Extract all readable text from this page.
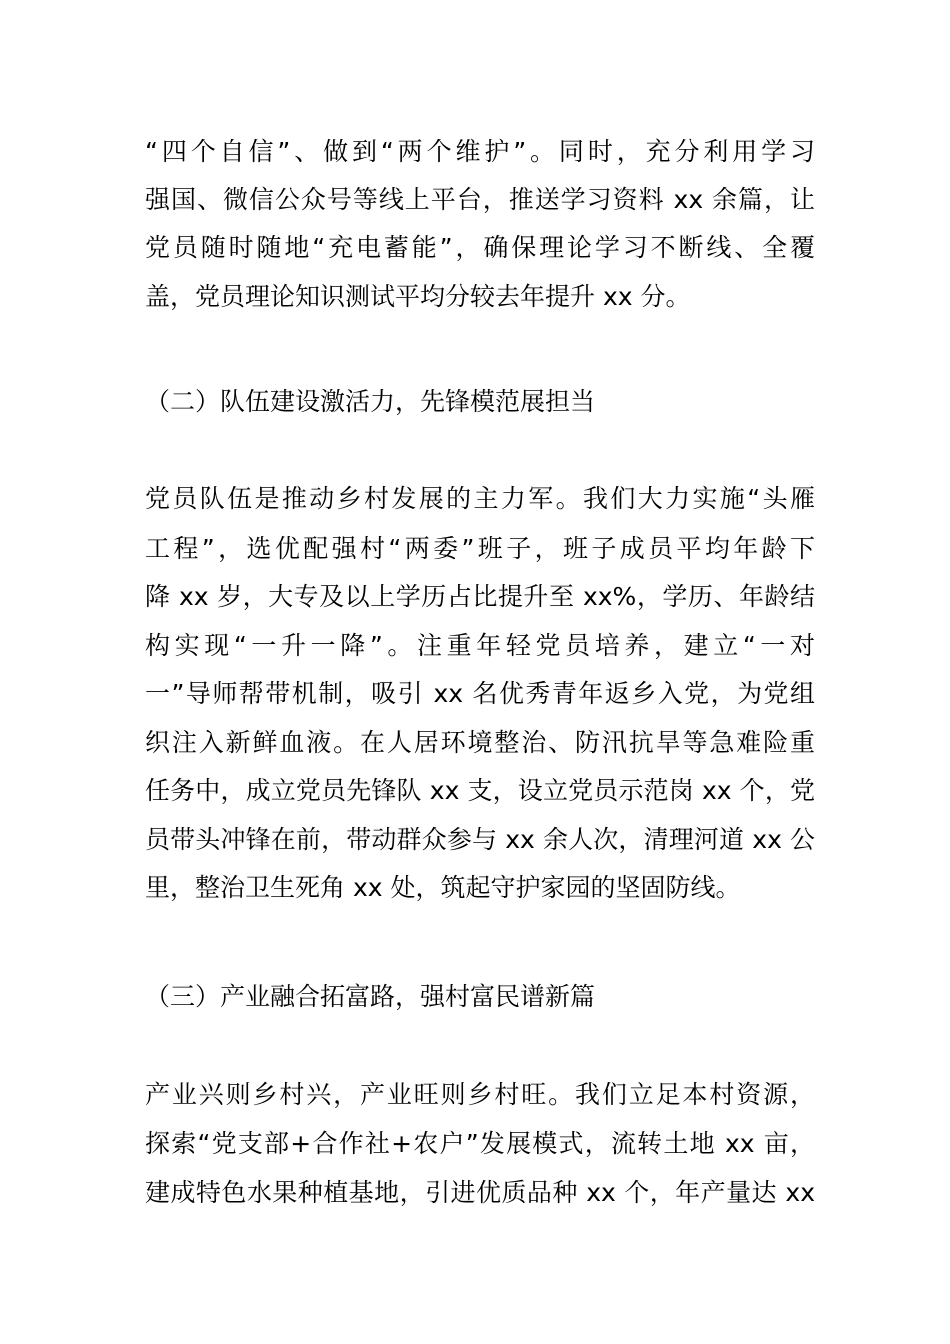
“四个自信”、做到“两个维护”。同时，充分利用学习
强国、微信公众号等线上平台，推送学习资料 xx 余篇，让
党员随时随地“充电蓄能”，确保理论学习不断线、全覆
盖，党员理论知识测试平均分较去年提升 xx 分。
（二）队伍建设激活力，先锋模范展担当
党员队伍是推动乡村发展的主力军。我们大力实施“头雁
工程”，选优配强村“两委”班子，班子成员平均年龄下
降 xx 岁，大专及以上学历占比提升至 xx%，学历、年龄结
构实现“一升一降”。注重年轻党员培养，建立“一对
一”导师帮带机制，吸引 xx 名优秀青年返乡入党，为党组
织注入新鲜血液。在人居环境整治、防汛抗旱等急难险重
任务中，成立党员先锋队 xx 支，设立党员示范岗 xx 个，党
员带头冲锋在前，带动群众参与 xx 余人次，清理河道 xx 公
里，整治卫生死角 xx 处，筑起守护家园的坚固防线。
（三）产业融合拓富路，强村富民谱新篇
产业兴则乡村兴，产业旺则乡村旺。我们立足本村资源，
探索“党支部+合作社+农户”发展模式，流转土地 xx 亩，
建成特色水果种植基地，引进优质品种 xx 个，年产量达 xx
